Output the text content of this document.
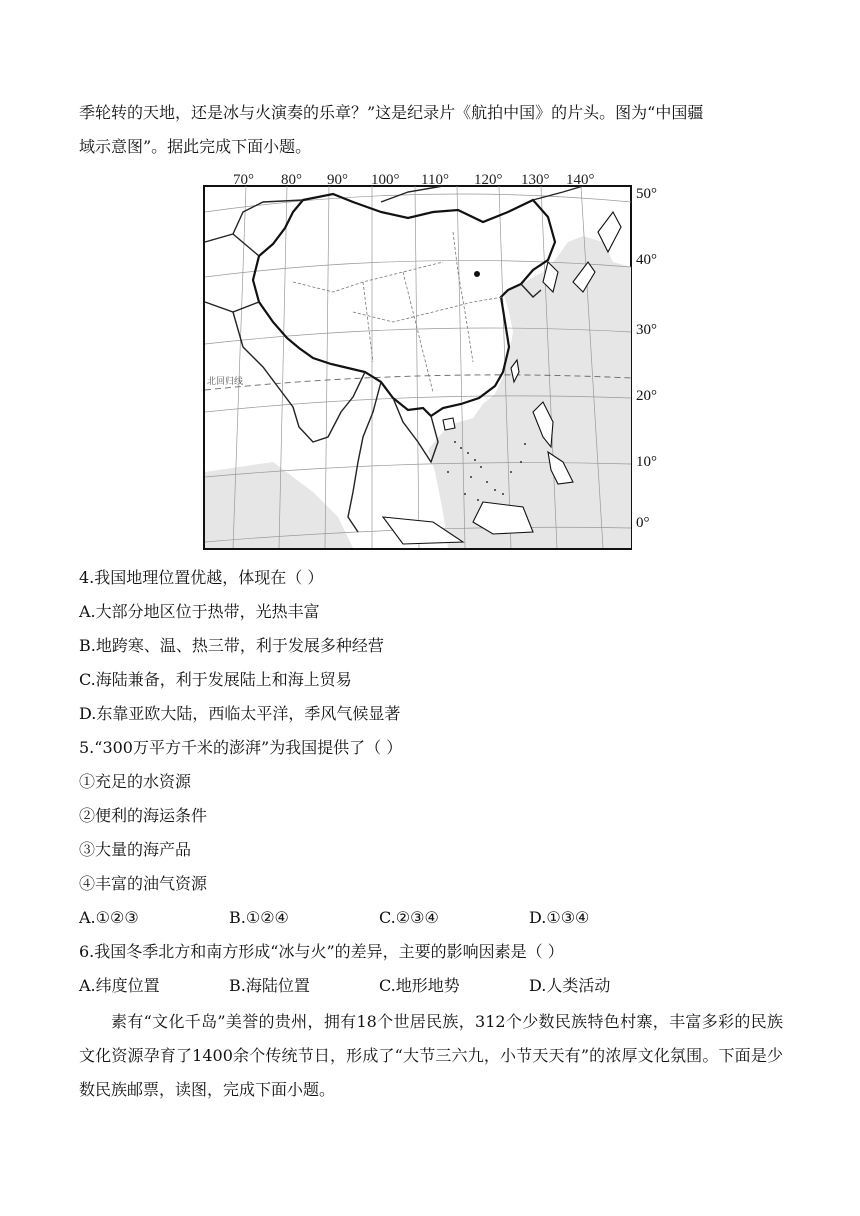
季轮转的天地，还是冰与火演奏的乐章？”这是纪录片《航拍中国》的片头。图为“中国疆
域示意图”。据此完成下面小题。
北回归线
70° 80° 90° 100° 110° 120° 130° 140°
50°
40°
30°
20°
10°
0°
4.我国地理位置优越，体现在（ ）
A.大部分地区位于热带，光热丰富
B.地跨寒、温、热三带，利于发展多种经营
C.海陆兼备，利于发展陆上和海上贸易
D.东靠亚欧大陆，西临太平洋，季风气候显著
5.“300万平方千米的澎湃”为我国提供了（ ）
①充足的水资源
②便利的海运条件
③大量的海产品
④丰富的油气资源
A.①②③	B.①②④	C.②③④	D.①③④
6.我国冬季北方和南方形成“冰与火”的差异，主要的影响因素是（ ）
A.纬度位置	B.海陆位置	C.地形地势	D.人类活动

素有“文化千岛”美誉的贵州，拥有18个世居民族，312个少数民族特色村寨，丰富多彩的民族文化资源孕育了1400余个传统节日，形成了“大节三六九，小节天天有”的浓厚文化氛围。下面是少数民族邮票，读图，完成下面小题。
